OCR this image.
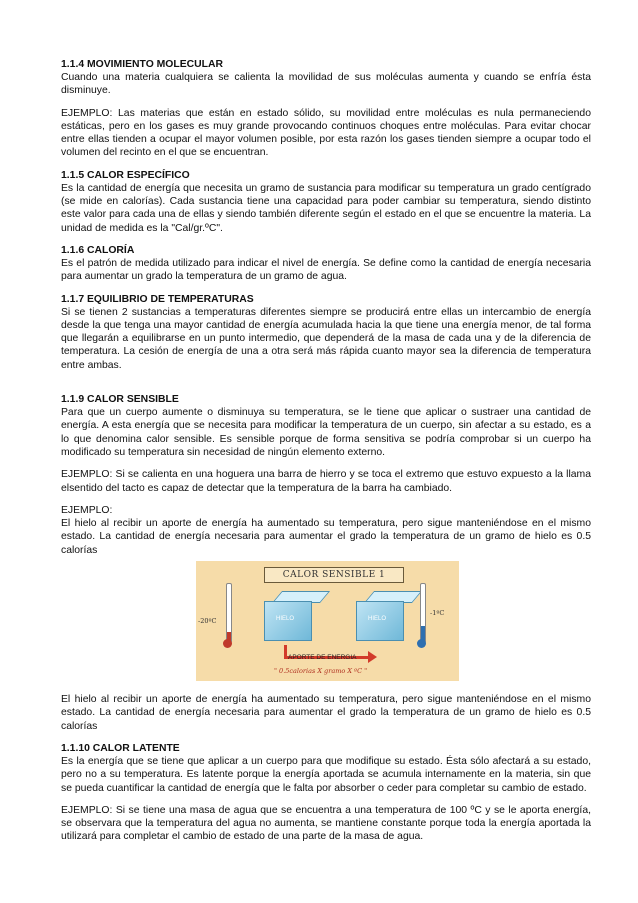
1.1.4 MOVIMIENTO MOLECULAR

Cuando una materia cualquiera se calienta la movilidad de sus moléculas aumenta y cuando se enfría ésta disminuye.

EJEMPLO: Las materias que están en estado sólido, su movilidad entre moléculas es nula permaneciendo estáticas, pero en los gases es muy grande provocando continuos choques entre moléculas. Para evitar chocar entre ellas tienden a ocupar el mayor volumen posible, por esta razón los gases tienden siempre a ocupar todo el volumen del recinto en el que se encuentran.

1.1.5 CALOR ESPECÍFICO

Es la cantidad de energía que necesita un gramo de sustancia para modificar su temperatura un grado centígrado (se mide en calorías). Cada sustancia tiene una capacidad para poder cambiar su temperatura, siendo distinto este valor para cada una de ellas y siendo también diferente según el estado en el que se encuentre la materia. La unidad de medida es la "Cal/gr.ºC".

1.1.6 CALORÍA

Es el patrón de medida utilizado para indicar el nivel de energía. Se define como la cantidad de energía necesaria para aumentar un grado la temperatura de un gramo de agua.

1.1.7 EQUILIBRIO DE TEMPERATURAS

Si se tienen 2 sustancias a temperaturas diferentes siempre se producirá entre ellas un intercambio de energía desde la que tenga una mayor cantidad de energía acumulada hacia la que tiene una energía menor, de tal forma que llegarán a equilibrarse en un punto intermedio, que dependerá de la masa de cada una y de la diferencia de temperatura. La cesión de energía de una a otra será más rápida cuanto mayor sea la diferencia de temperatura entre ambas.

1.1.9 CALOR SENSIBLE

Para que un cuerpo aumente o disminuya su temperatura, se le tiene que aplicar o sustraer una cantidad de energía. A esta energía que se necesita para modificar la temperatura de un cuerpo, sin afectar a su estado, es a lo que denomina calor sensible. Es sensible porque de forma sensitiva se podría comprobar si un cuerpo ha modificado su temperatura sin necesidad de ningún elemento externo.

EJEMPLO: Si se calienta en una hoguera una barra de hierro y se toca el extremo que estuvo expuesto a la llama elsentido del tacto es capaz de detectar que la temperatura de la barra ha cambiado.

EJEMPLO:

El hielo al recibir un aporte de energía ha aumentado su temperatura, pero sigue manteniéndose en el mismo estado. La cantidad de energía necesaria para aumentar el grado la temperatura de un gramo de hielo es 0.5 calorías

CALOR SENSIBLE 1
-20ºC	HIELO	HIELO
-1ºC
APORTE DE ENERGIA
" 0.5calorias X gramo X ºC "

El hielo al recibir un aporte de energía ha aumentado su temperatura, pero sigue manteniéndose en el mismo estado. La cantidad de energía necesaria para aumentar el grado la temperatura de un gramo de hielo es 0.5 calorías

1.1.10 CALOR LATENTE

Es la energía que se tiene que aplicar a un cuerpo para que modifique su estado. Ésta sólo afectará a su estado, pero no a su temperatura. Es latente porque la energía aportada se acumula internamente en la materia, sin que se pueda cuantificar la cantidad de energía que le falta por absorber o ceder para completar su cambio de estado.

EJEMPLO: Si se tiene una masa de agua que se encuentra a una temperatura de 100 ºC y se le aporta energía, se observara que la temperatura del agua no aumenta, se mantiene constante porque toda la energía aportada la utilizará para completar el cambio de estado de una parte de la masa de agua.
